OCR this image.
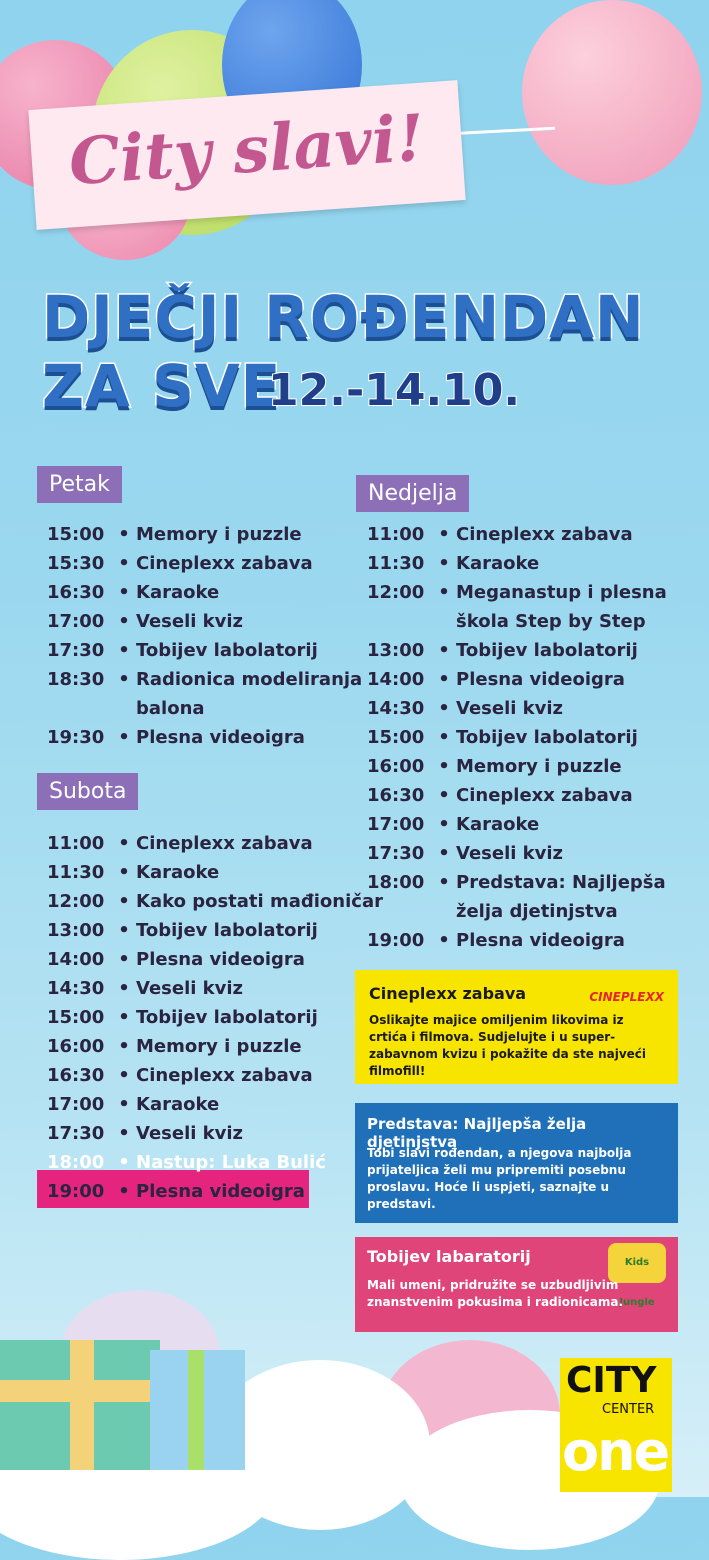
City slavi!
DJEČJI ROĐENDAN
ZA SVE
12.-14.10.
Petak
15:00 • Memory i puzzle
15:30 • Cineplexx zabava
16:30 • Karaoke
17:00 • Veseli kviz
17:30 • Tobijev labolatorij
18:30 • Radionica modeliranja balona
19:30 • Plesna videoigra
Subota
11:00 • Cineplexx zabava
11:30 • Karaoke
12:00 • Kako postati mađioničar
13:00 • Tobijev labolatorij
14:00 • Plesna videoigra
14:30 • Veseli kviz
15:00 • Tobijev labolatorij
16:00 • Memory i puzzle
16:30 • Cineplexx zabava
17:00 • Karaoke
17:30 • Veseli kviz
18:00 • Nastup: Luka Bulić
19:00 • Plesna videoigra
Nedjelja
11:00 • Cineplexx zabava
11:30 • Karaoke
12:00 • Meganastup i plesna škola Step by Step
13:00 • Tobijev labolatorij
14:00 • Plesna videoigra
14:30 • Veseli kviz
15:00 • Tobijev labolatorij
16:00 • Memory i puzzle
16:30 • Cineplexx zabava
17:00 • Karaoke
17:30 • Veseli kviz
18:00 • Predstava: Najljepša želja djetinjstva
19:00 • Plesna videoigra
Cineplexx zabava	CINEPLEXX

Oslikajte majice omiljenim likovima iz crtića i filmova. Sudjelujte i u super-zabavnom kvizu i pokažite da ste najveći filmofill!

Predstava: Najljepša želja djetinjstva

Tobi slavi rođendan, a njegova najbolja prijateljica želi mu pripremiti posebnu proslavu. Hoće li uspjeti, saznajte u predstavi.

Tobijev labaratorij	Kids Jungle

Mali umeni, pridružite se uzbudljivim znanstvenim pokusima i radionicama.

CITY
CENTER
one
